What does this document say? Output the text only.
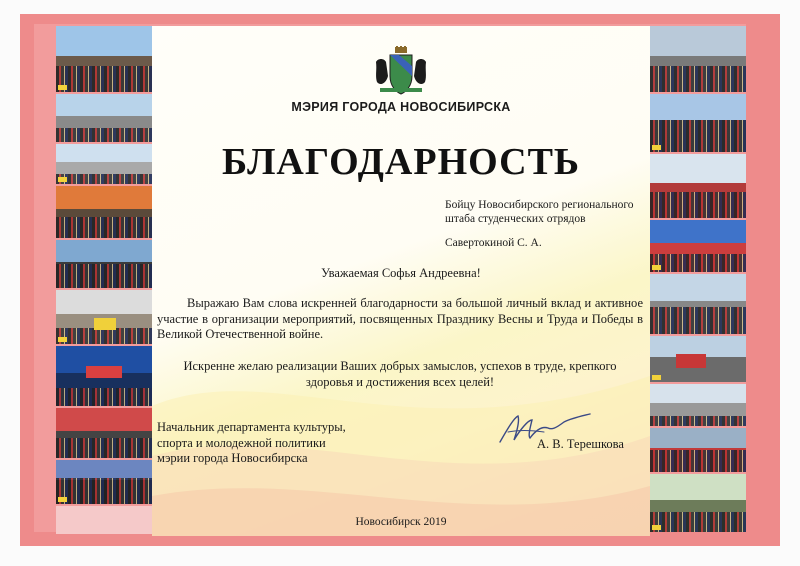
МЭРИЯ ГОРОДА НОВОСИБИРСКА
БЛАГОДАРНОСТЬ
Бойцу Новосибирского регионального
штаба студенческих отрядов
Савертокиной С. А.
Уважаемая Софья Андреевна!
Выражаю Вам слова искренней благодарности за большой личный вклад и активное участие в организации мероприятий, посвященных Празднику Весны и Труда и Победы в Великой Отечественной войне.
Искренне желаю реализации Ваших добрых замыслов, успехов в труде, крепкого
здоровья и достижения всех целей!
Начальник департамента культуры,
спорта и молодежной политики
мэрии города Новосибирска
А. В. Терешкова
Новосибирск 2019
